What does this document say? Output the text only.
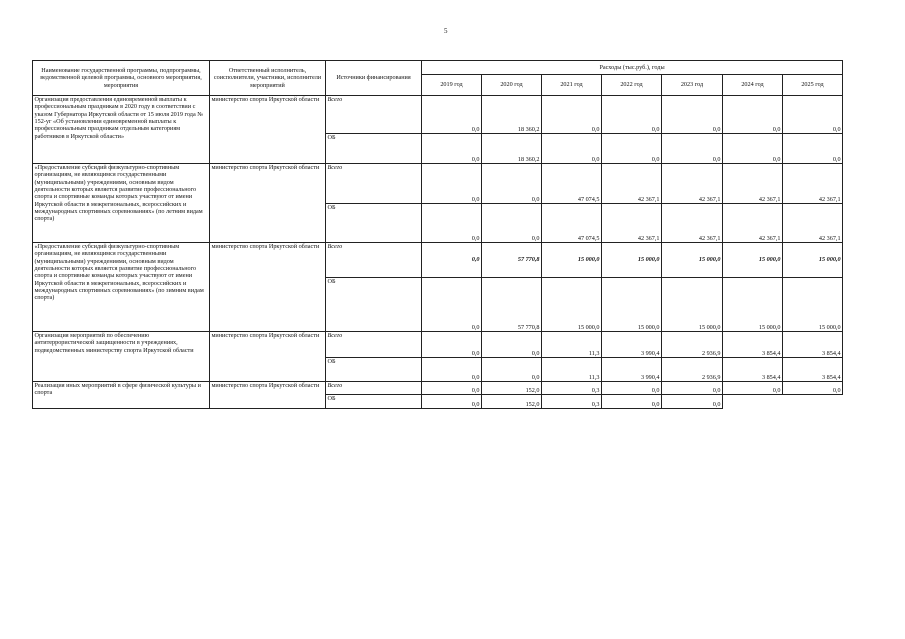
5
Наименование государственной программы, подпрограммы, ведомственной целевой программы, основного мероприятия, мероприятия	Ответственный исполнитель, соисполнители, участники, исполнители мероприятий	Источники финансирования	Расходы (тыс.руб.), годы						
			2019 год	2020 год	2021 год	2022 год	2023 год	2024 год	2025 год
Организация предоставления единовременной выплаты к профессиональным праздникам в 2020 году в соответствии с указом Губернатора Иркутской области от 15 июля 2019 года № 152-уг «Об установлении единовременной выплаты к профессиональным праздникам отдельным категориям работников в Иркутской области»	министерство спорта Иркутской области	Всего	0,0	18 360,2	0,0	0,0	0,0	0,0	0,0
		ОБ	0,0	18 360,2	0,0	0,0	0,0	0,0	0,0
«Предоставление субсидий физкультурно-спортивным организациям, не являющимся государственными (муниципальными) учреждениями, основным видом деятельности которых является развитие профессионального спорта и спортивные команды которых участвуют от имени Иркутской области в межрегиональных, всероссийских и международных спортивных соревнованиях» (по летним видам спорта)	министерство спорта Иркутской области	Всего	0,0	0,0	47 074,5	42 367,1	42 367,1	42 367,1	42 367,1
		ОБ	0,0	0,0	47 074,5	42 367,1	42 367,1	42 367,1	42 367,1
«Предоставление субсидий физкультурно-спортивным организациям, не являющимся государственными (муниципальными) учреждениями, основным видом деятельности которых является развитие профессионального спорта и спортивные команды которых участвуют от имени Иркутской области в межрегиональных, всероссийских и международных спортивных соревнованиях» (по зимним видам спорта)	министерство спорта Иркутской области	Всего	0,0	57 770,8	15 000,0	15 000,0	15 000,0	15 000,0	15 000,0
		ОБ	0,0	57 770,8	15 000,0	15 000,0	15 000,0	15 000,0	15 000,0
Организация мероприятий по обеспечению антитеррористической защищенности в учреждениях, подведомственных министерству спорта Иркутской области	министерство спорта Иркутской области	Всего	0,0	0,0	11,3	3 990,4	2 936,9	3 854,4	3 854,4
		ОБ	0,0	0,0	11,3	3 990,4	2 936,9	3 854,4	3 854,4
Реализация иных мероприятий в сфере физической культуры и спорта	министерство спорта Иркутской области	Всего	0,0	152,0	0,3	0,0	0,0	0,0	0,0
		ОБ	0,0	152,0	0,3	0,0	0,0		
